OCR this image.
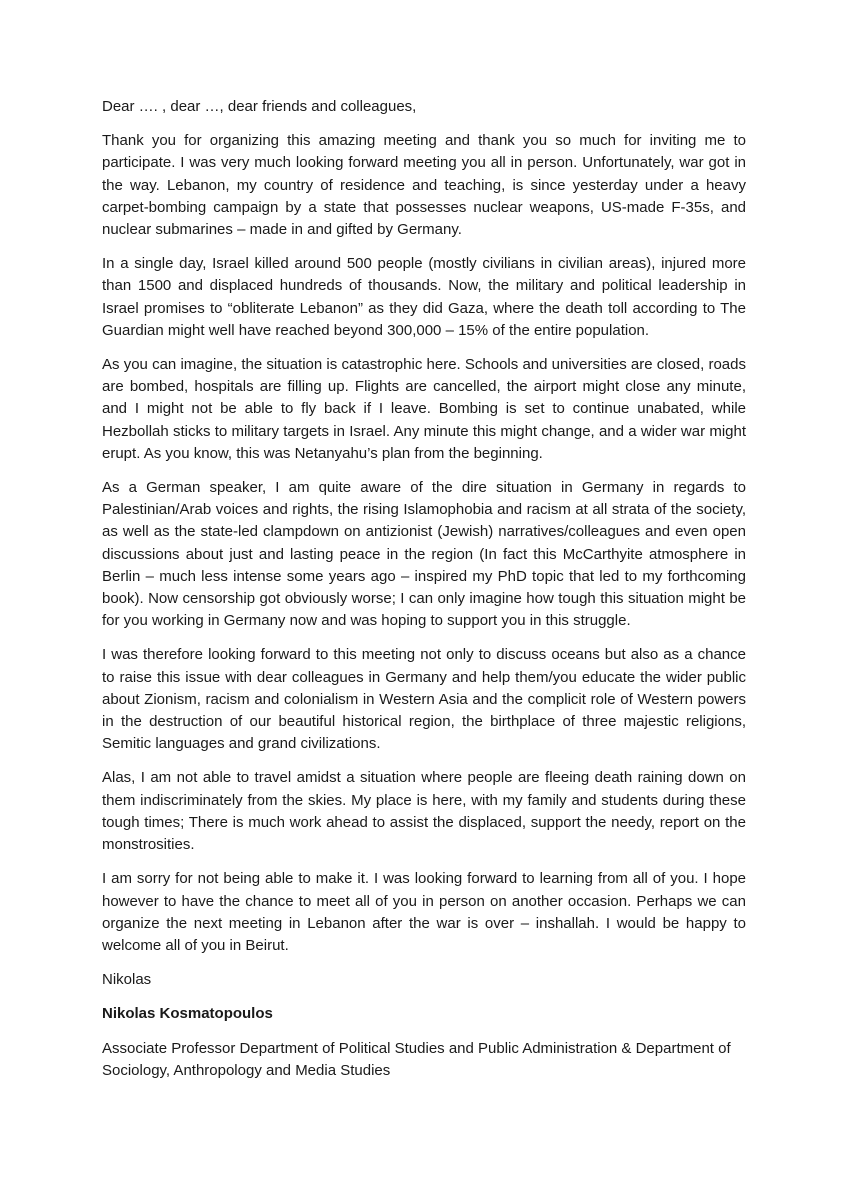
Dear …. , dear …, dear friends and colleagues,

Thank you for organizing this amazing meeting and thank you so much for inviting me to participate. I was very much looking forward meeting you all in person. Unfortunately, war got in the way. Lebanon, my country of residence and teaching, is since yesterday under a heavy carpet-bombing campaign by a state that possesses nuclear weapons, US-made F-35s, and nuclear submarines – made in and gifted by Germany.

In a single day, Israel killed around 500 people (mostly civilians in civilian areas), injured more than 1500 and displaced hundreds of thousands. Now, the military and political leadership in Israel promises to “obliterate Lebanon” as they did Gaza, where the death toll according to The Guardian might well have reached beyond 300,000 – 15% of the entire population.

As you can imagine, the situation is catastrophic here. Schools and universities are closed, roads are bombed, hospitals are filling up. Flights are cancelled, the airport might close any minute, and I might not be able to fly back if I leave. Bombing is set to continue unabated, while Hezbollah sticks to military targets in Israel. Any minute this might change, and a wider war might erupt. As you know, this was Netanyahu’s plan from the beginning.

As a German speaker, I am quite aware of the dire situation in Germany in regards to Palestinian/Arab voices and rights, the rising Islamophobia and racism at all strata of the society, as well as the state-led clampdown on antizionist (Jewish) narratives/colleagues and even open discussions about just and lasting peace in the region (In fact this McCarthyite atmosphere in Berlin – much less intense some years ago – inspired my PhD topic that led to my forthcoming book). Now censorship got obviously worse; I can only imagine how tough this situation might be for you working in Germany now and was hoping to support you in this struggle.

I was therefore looking forward to this meeting not only to discuss oceans but also as a chance to raise this issue with dear colleagues in Germany and help them/you educate the wider public about Zionism, racism and colonialism in Western Asia and the complicit role of Western powers in the destruction of our beautiful historical region, the birthplace of three majestic religions, Semitic languages and grand civilizations.

Alas, I am not able to travel amidst a situation where people are fleeing death raining down on them indiscriminately from the skies. My place is here, with my family and students during these tough times; There is much work ahead to assist the displaced, support the needy, report on the monstrosities.

I am sorry for not being able to make it. I was looking forward to learning from all of you. I hope however to have the chance to meet all of you in person on another occasion. Perhaps we can organize the next meeting in Lebanon after the war is over – inshallah. I would be happy to welcome all of you in Beirut.

Nikolas

Nikolas Kosmatopoulos

Associate Professor Department of Political Studies and Public Administration & Department of Sociology, Anthropology and Media Studies
